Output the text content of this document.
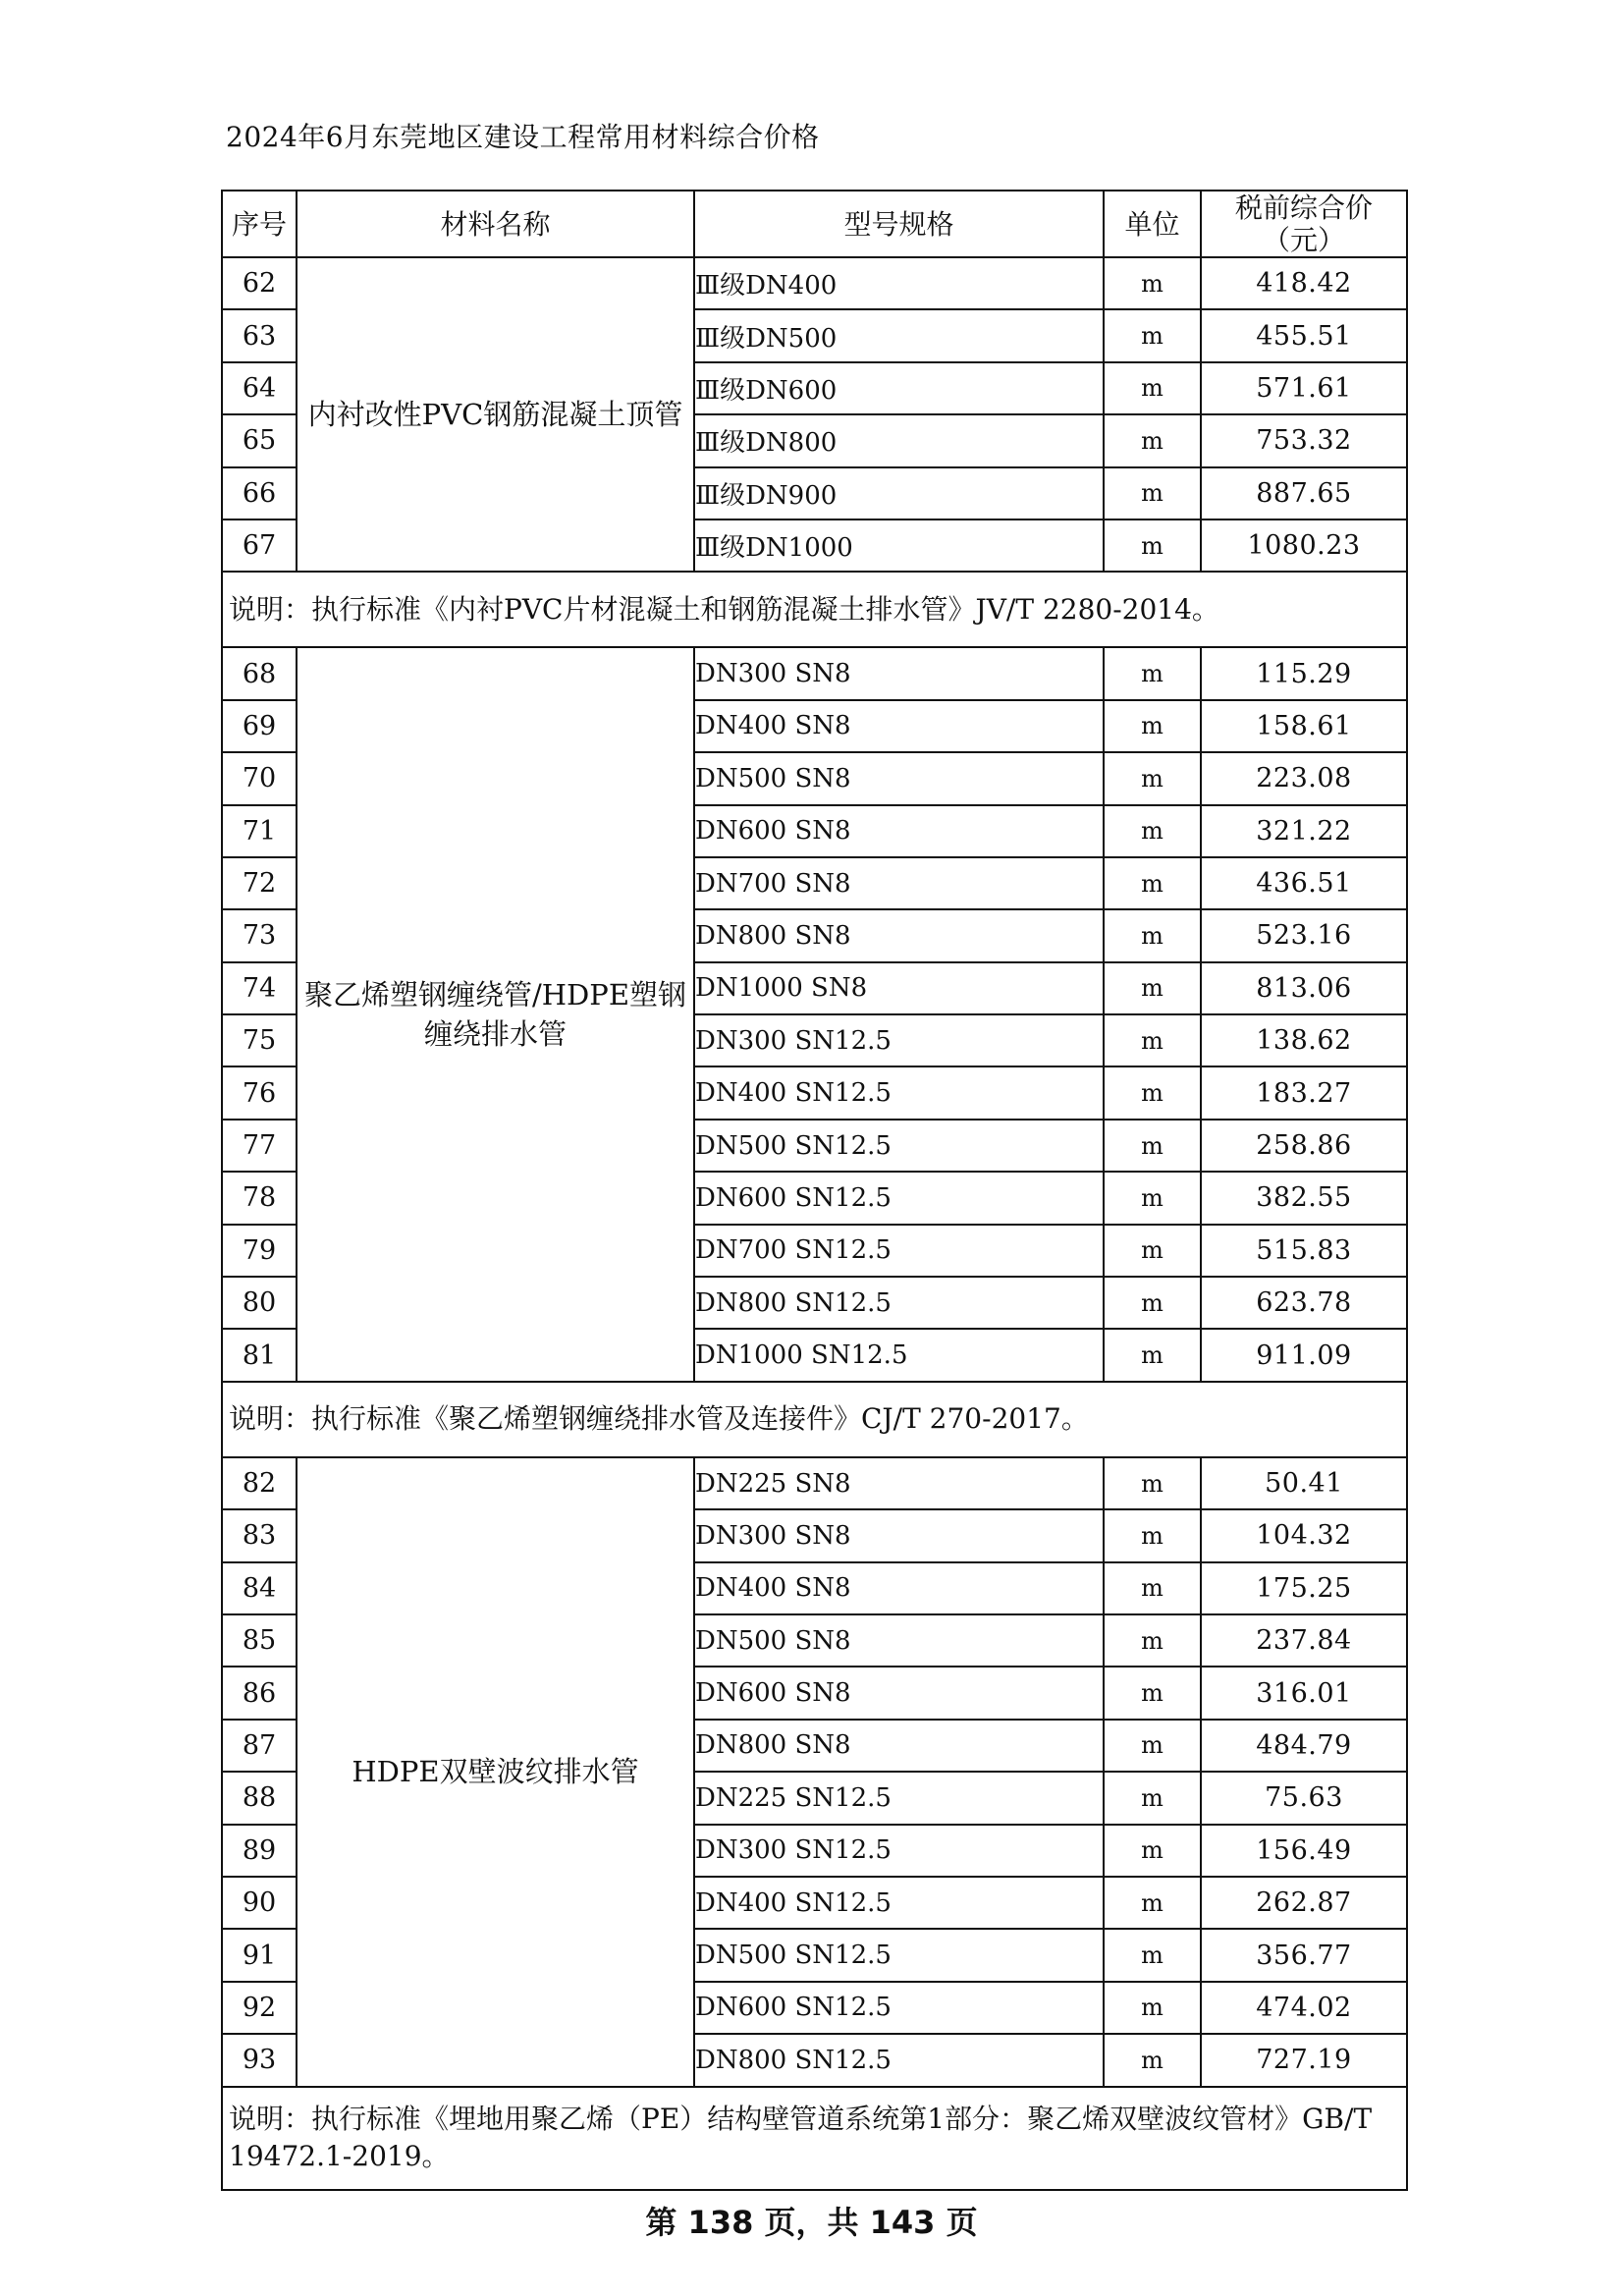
2024年6月东莞地区建设工程常用材料综合价格
序号	材料名称	型号规格	单位	税前综合价
（元）
62	内衬改性PVC钢筋混凝土顶管	Ⅲ级DN400	m	418.42
63		Ⅲ级DN500	m	455.51
64		Ⅲ级DN600	m	571.61
65		Ⅲ级DN800	m	753.32
66		Ⅲ级DN900	m	887.65
67		Ⅲ级DN1000	m	1080.23
说明：执行标准《内衬PVC片材混凝土和钢筋混凝土排水管》JV/T 2280-2014。				
68	聚乙烯塑钢缠绕管/HDPE塑钢缠绕排水管	DN300 SN8	m	115.29
69		DN400 SN8	m	158.61
70		DN500 SN8	m	223.08
71		DN600 SN8	m	321.22
72		DN700 SN8	m	436.51
73		DN800 SN8	m	523.16
74		DN1000 SN8	m	813.06
75		DN300 SN12.5	m	138.62
76		DN400 SN12.5	m	183.27
77		DN500 SN12.5	m	258.86
78		DN600 SN12.5	m	382.55
79		DN700 SN12.5	m	515.83
80		DN800 SN12.5	m	623.78
81		DN1000 SN12.5	m	911.09
说明：执行标准《聚乙烯塑钢缠绕排水管及连接件》CJ/T 270-2017。				
82	HDPE双壁波纹排水管	DN225 SN8	m	50.41
83		DN300 SN8	m	104.32
84		DN400 SN8	m	175.25
85		DN500 SN8	m	237.84
86		DN600 SN8	m	316.01
87		DN800 SN8	m	484.79
88		DN225 SN12.5	m	75.63
89		DN300 SN12.5	m	156.49
90		DN400 SN12.5	m	262.87
91		DN500 SN12.5	m	356.77
92		DN600 SN12.5	m	474.02
93		DN800 SN12.5	m	727.19
说明：执行标准《埋地用聚乙烯（PE）结构壁管道系统第1部分：聚乙烯双壁波纹管材》GB/T 19472.1-2019。				
第 138 页，共 143 页
